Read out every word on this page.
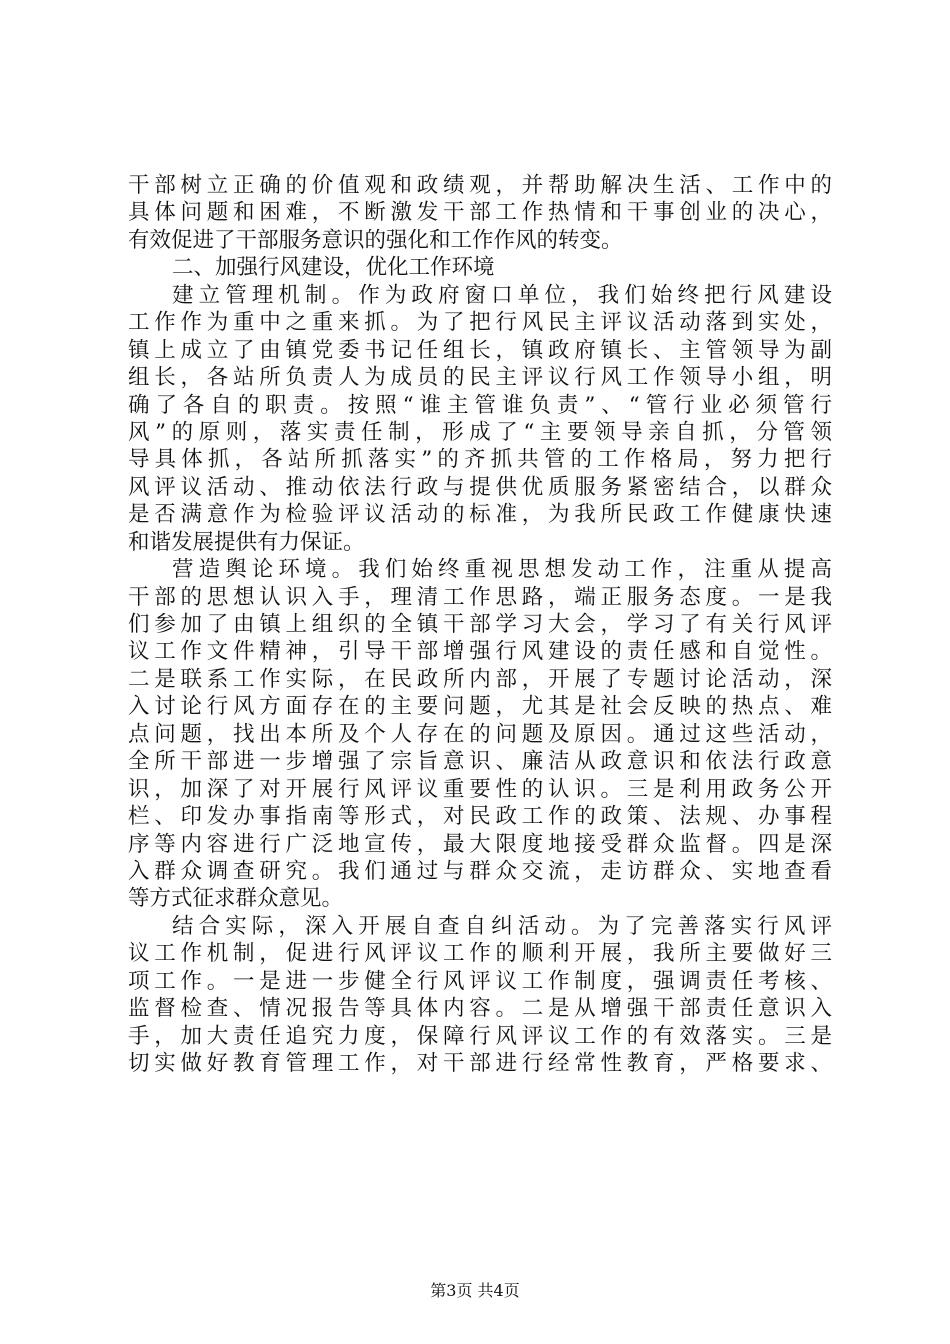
干部树立正确的价值观和政绩观，并帮助解决生活、工作中的
具体问题和困难，不断激发干部工作热情和干事创业的决心，
有效促进了干部服务意识的强化和工作作风的转变。
二、加强行风建设，优化工作环境
建立管理机制。作为政府窗口单位，我们始终把行风建设
工作作为重中之重来抓。为了把行风民主评议活动落到实处，
镇上成立了由镇党委书记任组长，镇政府镇长、主管领导为副
组长，各站所负责人为成员的民主评议行风工作领导小组，明
确了各自的职责。按照“谁主管谁负责”、“管行业必须管行
风”的原则，落实责任制，形成了“主要领导亲自抓，分管领
导具体抓，各站所抓落实”的齐抓共管的工作格局，努力把行
风评议活动、推动依法行政与提供优质服务紧密结合，以群众
是否满意作为检验评议活动的标准，为我所民政工作健康快速
和谐发展提供有力保证。
营造舆论环境。我们始终重视思想发动工作，注重从提高
干部的思想认识入手，理清工作思路，端正服务态度。一是我
们参加了由镇上组织的全镇干部学习大会，学习了有关行风评
议工作文件精神，引导干部增强行风建设的责任感和自觉性。
二是联系工作实际，在民政所内部，开展了专题讨论活动，深
入讨论行风方面存在的主要问题，尤其是社会反映的热点、难
点问题，找出本所及个人存在的问题及原因。通过这些活动，
全所干部进一步增强了宗旨意识、廉洁从政意识和依法行政意
识，加深了对开展行风评议重要性的认识。三是利用政务公开
栏、印发办事指南等形式，对民政工作的政策、法规、办事程
序等内容进行广泛地宣传，最大限度地接受群众监督。四是深
入群众调查研究。我们通过与群众交流，走访群众、实地查看
等方式征求群众意见。
结合实际，深入开展自查自纠活动。为了完善落实行风评
议工作机制，促进行风评议工作的顺利开展，我所主要做好三
项工作。一是进一步健全行风评议工作制度，强调责任考核、
监督检查、情况报告等具体内容。二是从增强干部责任意识入
手，加大责任追究力度，保障行风评议工作的有效落实。三是
切实做好教育管理工作，对干部进行经常性教育，严格要求、
第3页 共4页
